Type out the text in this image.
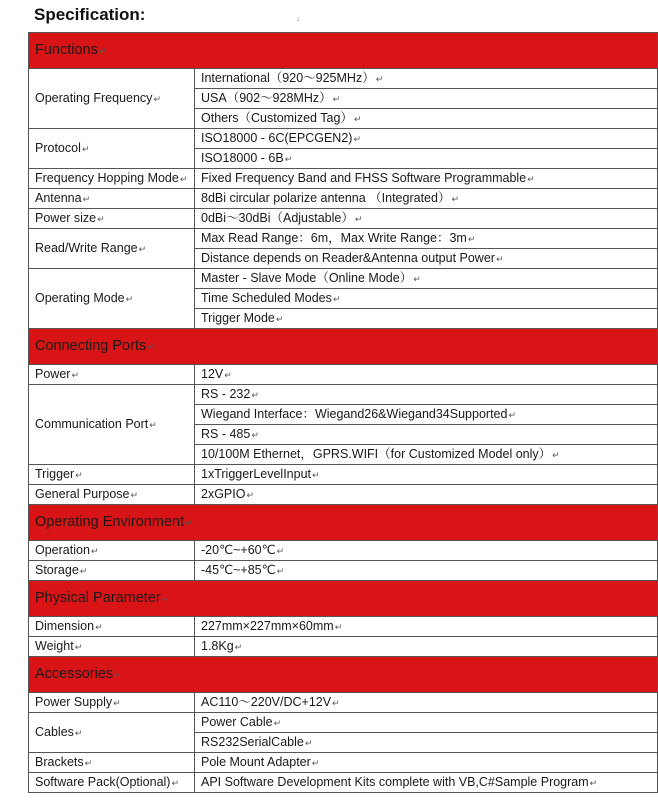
Specification:	↓
Functions↵	
Operating Frequency↵	International（920～925MHz）↵
	USA（902～928MHz）↵
	Others（Customized Tag）↵
Protocol↵	ISO18000 - 6C(EPCGEN2)↵
	ISO18000 - 6B↵
Frequency Hopping Mode↵	Fixed Frequency Band and FHSS Software Programmable↵
Antenna↵	8dBi circular polarize antenna （Integrated）↵
Power size↵	0dBi～30dBi（Adjustable）↵
Read/Write Range↵	Max Read Range：6m，Max Write Range：3m↵
	Distance depends on Reader&Antenna output Power↵
Operating Mode↵	Master - Slave Mode（Online Mode）↵
	Time Scheduled Modes↵
	Trigger Mode↵
Connecting Ports↵	
Power↵	12V↵
Communication Port↵	RS - 232↵
	Wiegand Interface：Wiegand26&Wiegand34Supported↵
	RS - 485↵
	10/100M Ethernet，GPRS.WIFI（for Customized Model only）↵
Trigger↵	1xTriggerLevelInput↵
General Purpose↵	2xGPIO↵
Operating Environment↵	
Operation↵	-20℃~+60℃↵
Storage↵	-45℃~+85℃↵
Physical Parameter↵	
Dimension↵	227mm×227mm×60mm↵
Weight↵	1.8Kg↵
Accessories↵	
Power Supply↵	AC110～220V/DC+12V↵
Cables↵	Power Cable↵
	RS232SerialCable↵
Brackets↵	Pole Mount Adapter↵
Software Pack(Optional)↵	API Software Development Kits complete with VB,C#Sample Program↵
